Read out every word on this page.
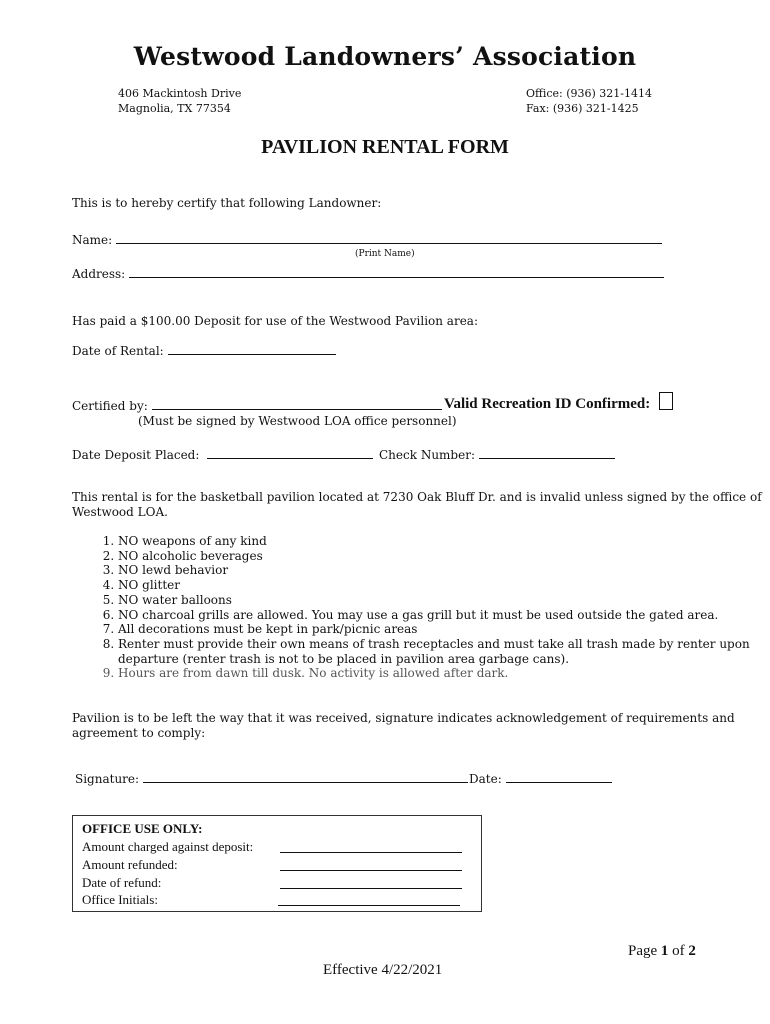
Westwood Landowners’ Association
406 Mackintosh Drive
Magnolia, TX 77354
Office: (936) 321-1414
Fax: (936) 321-1425
PAVILION RENTAL FORM
This is to hereby certify that following Landowner:
Name:
(Print Name)
Address:
Has paid a $100.00 Deposit for use of the Westwood Pavilion area:
Date of Rental:
Certified by:	Valid Recreation ID Confirmed:
(Must be signed by Westwood LOA office personnel)
Date Deposit Placed:	Check Number:
This rental is for the basketball pavilion located at 7230 Oak Bluff Dr. and is invalid unless signed by the office of
Westwood LOA.
1. NO weapons of any kind
2. NO alcoholic beverages
3. NO lewd behavior
4. NO glitter
5. NO water balloons
6. NO charcoal grills are allowed. You may use a gas grill but it must be used outside the gated area.
7. All decorations must be kept in park/picnic areas
8. Renter must provide their own means of trash receptacles and must take all trash made by renter upon departure (renter trash is not to be placed in pavilion area garbage cans).
9. Hours are from dawn till dusk. No activity is allowed after dark.
Pavilion is to be left the way that it was received, signature indicates acknowledgement of requirements and
agreement to comply:
Signature:	Date:
OFFICE USE ONLY:
Amount charged against deposit:
Amount refunded:
Date of refund:
Office Initials:
Page 1 of 2
Effective 4/22/2021
